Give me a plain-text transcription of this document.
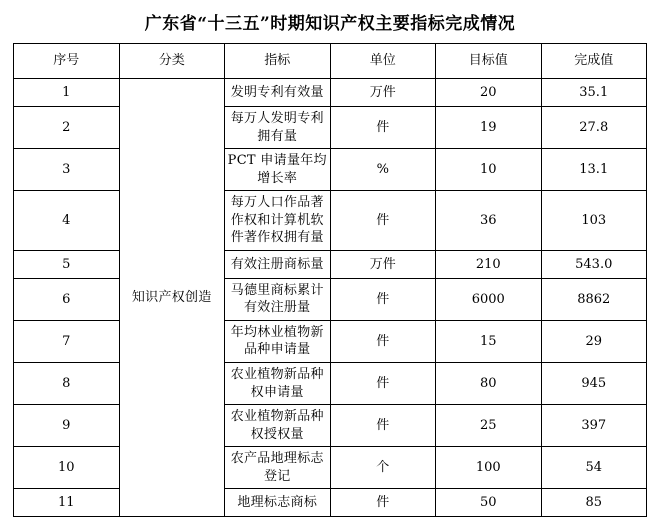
广东省“十三五”时期知识产权主要指标完成情况
序号	分类	指标	单位	目标值	完成值
1	知识产权创造	发明专利有效量	万件	20	35.1
2		每万人发明专利拥有量	件	19	27.8
3		PCT 申请量年均增长率	%	10	13.1
4		每万人口作品著作权和计算机软件著作权拥有量	件	36	103
5		有效注册商标量	万件	210	543.0
6		马德里商标累计有效注册量	件	6000	8862
7		年均林业植物新品种申请量	件	15	29
8		农业植物新品种权申请量	件	80	945
9		农业植物新品种权授权量	件	25	397
10		农产品地理标志登记	个	100	54
11		地理标志商标	件	50	85
